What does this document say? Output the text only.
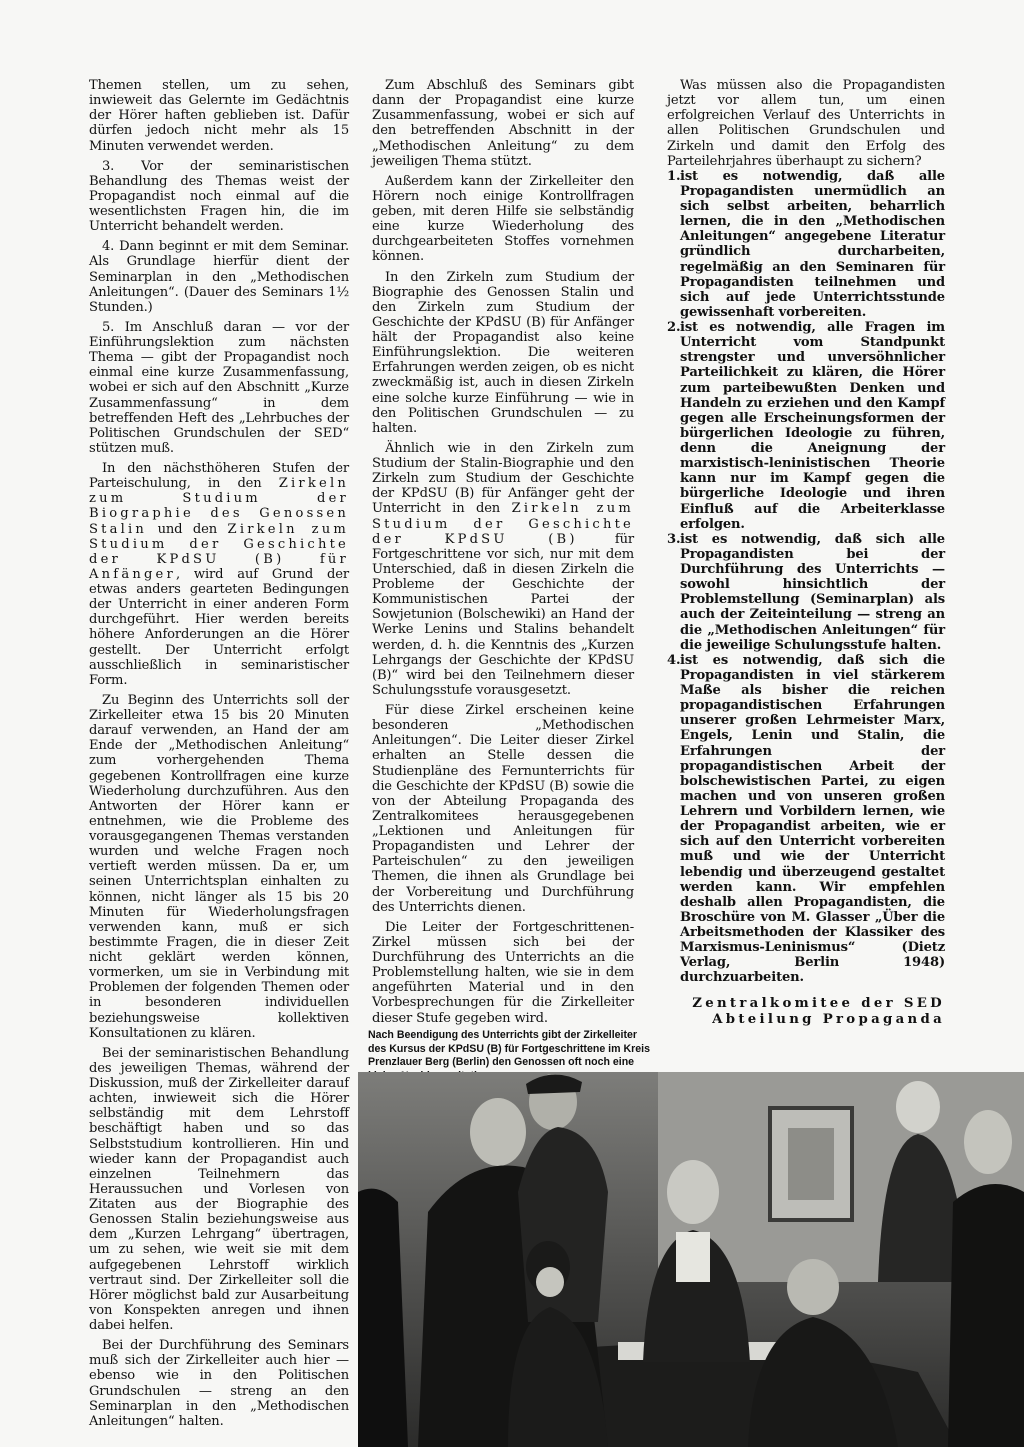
Themen stellen, um zu sehen, inwieweit das Gelernte im Gedächtnis der Hörer haften geblieben ist. Dafür dürfen jedoch nicht mehr als 15 Minuten verwendet werden.

3. Vor der seminaristischen Behandlung des Themas weist der Propagandist noch einmal auf die wesentlichsten Fragen hin, die im Unterricht behandelt werden.

4. Dann beginnt er mit dem Seminar. Als Grundlage hierfür dient der Seminarplan in den „Methodischen Anleitungen“. (Dauer des Seminars 1½ Stunden.)

5. Im Anschluß daran — vor der Einführungslektion zum nächsten Thema — gibt der Propagandist noch einmal eine kurze Zusammenfassung, wobei er sich auf den Abschnitt „Kurze Zusammenfassung“ in dem betreffenden Heft des „Lehrbuches der Politischen Grundschulen der SED“ stützen muß.

In den nächsthöheren Stufen der Parteischulung, in den Zirkeln zum Studium der Biographie des Genossen Stalin und den Zirkeln zum Studium der Geschichte der KPdSU (B) für Anfänger, wird auf Grund der etwas anders gearteten Bedingungen der Unterricht in einer anderen Form durchgeführt. Hier werden bereits höhere Anforderungen an die Hörer gestellt. Der Unterricht erfolgt ausschließlich in seminaristischer Form.

Zu Beginn des Unterrichts soll der Zirkelleiter etwa 15 bis 20 Minuten darauf verwenden, an Hand der am Ende der „Methodischen Anleitung“ zum vorhergehenden Thema gegebenen Kontrollfragen eine kurze Wiederholung durchzuführen. Aus den Antworten der Hörer kann er entnehmen, wie die Probleme des vorausgegangenen Themas verstanden wurden und welche Fragen noch vertieft werden müssen. Da er, um seinen Unterrichtsplan einhalten zu können, nicht länger als 15 bis 20 Minuten für Wiederholungsfragen verwenden kann, muß er sich bestimmte Fragen, die in dieser Zeit nicht geklärt werden können, vormerken, um sie in Verbindung mit Problemen der folgenden Themen oder in besonderen individuellen beziehungsweise kollektiven Konsultationen zu klären.

Bei der seminaristischen Behandlung des jeweiligen Themas, während der Diskussion, muß der Zirkelleiter darauf achten, inwieweit sich die Hörer selbständig mit dem Lehrstoff beschäftigt haben und so das Selbststudium kontrollieren. Hin und wieder kann der Propagandist auch einzelnen Teilnehmern das Heraussuchen und Vorlesen von Zitaten aus der Biographie des Genossen Stalin beziehungsweise aus dem „Kurzen Lehrgang“ übertragen, um zu sehen, wie weit sie mit dem aufgegebenen Lehrstoff wirklich vertraut sind. Der Zirkelleiter soll die Hörer möglichst bald zur Ausarbeitung von Konspekten anregen und ihnen dabei helfen.

Bei der Durchführung des Seminars muß sich der Zirkelleiter auch hier — ebenso wie in den Politischen Grundschulen — streng an den Seminarplan in den „Methodischen Anleitungen“ halten.

Zum Abschluß des Seminars gibt dann der Propagandist eine kurze Zusammenfassung, wobei er sich auf den betreffenden Abschnitt in der „Methodischen Anleitung“ zu dem jeweiligen Thema stützt.

Außerdem kann der Zirkelleiter den Hörern noch einige Kontrollfragen geben, mit deren Hilfe sie selbständig eine kurze Wiederholung des durchgearbeiteten Stoffes vornehmen können.

In den Zirkeln zum Studium der Biographie des Genossen Stalin und den Zirkeln zum Studium der Geschichte der KPdSU (B) für Anfänger hält der Propagandist also keine Einführungslektion. Die weiteren Erfahrungen werden zeigen, ob es nicht zweckmäßig ist, auch in diesen Zirkeln eine solche kurze Einführung — wie in den Politischen Grundschulen — zu halten.

Ähnlich wie in den Zirkeln zum Studium der Stalin-Biographie und den Zirkeln zum Studium der Geschichte der KPdSU (B) für Anfänger geht der Unterricht in den Zirkeln zum Studium der Geschichte der KPdSU (B) für Fortgeschrittene vor sich, nur mit dem Unterschied, daß in diesen Zirkeln die Probleme der Geschichte der Kommunistischen Partei der Sowjetunion (Bolschewiki) an Hand der Werke Lenins und Stalins behandelt werden, d. h. die Kenntnis des „Kurzen Lehrgangs der Geschichte der KPdSU (B)“ wird bei den Teilnehmern dieser Schulungsstufe vorausgesetzt.

Für diese Zirkel erscheinen keine besonderen „Methodischen Anleitungen“. Die Leiter dieser Zirkel erhalten an Stelle dessen die Studienpläne des Fernunterrichts für die Geschichte der KPdSU (B) sowie die von der Abteilung Propaganda des Zentralkomitees herausgegebenen „Lektionen und Anleitungen für Propagandisten und Lehrer der Parteischulen“ zu den jeweiligen Themen, die ihnen als Grundlage bei der Vorbereitung und Durchführung des Unterrichts dienen.

Die Leiter der Fortgeschrittenen-Zirkel müssen sich bei der Durchführung des Unterrichts an die Problemstellung halten, wie sie in dem angeführten Material und in den Vorbesprechungen für die Zirkelleiter dieser Stufe gegeben wird.

Was müssen also die Propagandisten jetzt vor allem tun, um einen erfolgreichen Verlauf des Unterrichts in allen Politischen Grundschulen und Zirkeln und damit den Erfolg des Parteilehrjahres überhaupt zu sichern?

1. ist es notwendig, daß alle Propagandisten unermüdlich an sich selbst arbeiten, beharrlich lernen, die in den „Methodischen Anleitungen“ angegebene Literatur gründlich durcharbeiten, regelmäßig an den Seminaren für Propagandisten teilnehmen und sich auf jede Unterrichtsstunde gewissenhaft vorbereiten.
2. ist es notwendig, alle Fragen im Unterricht vom Standpunkt strengster und unversöhnlicher Parteilichkeit zu klären, die Hörer zum parteibewußten Denken und Handeln zu erziehen und den Kampf gegen alle Erscheinungsformen der bürgerlichen Ideologie zu führen, denn die Aneignung der marxistisch-leninistischen Theorie kann nur im Kampf gegen die bürgerliche Ideologie und ihren Einfluß auf die Arbeiterklasse erfolgen.
3. ist es notwendig, daß sich alle Propagandisten bei der Durchführung des Unterrichts — sowohl hinsichtlich der Problemstellung (Seminarplan) als auch der Zeiteinteilung — streng an die „Methodischen Anleitungen“ für die jeweilige Schulungsstufe halten.
4. ist es notwendig, daß sich die Propagandisten in viel stärkerem Maße als bisher die reichen propagandistischen Erfahrungen unserer großen Lehrmeister Marx, Engels, Lenin und Stalin, die Erfahrungen der propagandistischen Arbeit der bolschewistischen Partei, zu eigen machen und von unseren großen Lehrern und Vorbildern lernen, wie der Propagandist arbeiten, wie er sich auf den Unterricht vorbereiten muß und wie der Unterricht lebendig und überzeugend gestaltet werden kann. Wir empfehlen deshalb allen Propagandisten, die Broschüre von M. Glasser „Über die Arbeitsmethoden der Klassiker des Marxismus-Leninismus“ (Dietz Verlag, Berlin 1948) durchzuarbeiten.
Zentralkomitee der SED
Abteilung Propaganda
Nach Beendigung des Unterrichts gibt der Zirkelleiter des Kursus der KPdSU (B) für Fortgeschrittene im Kreis Prenzlauer Berg (Berlin) den Genossen oft noch eine
